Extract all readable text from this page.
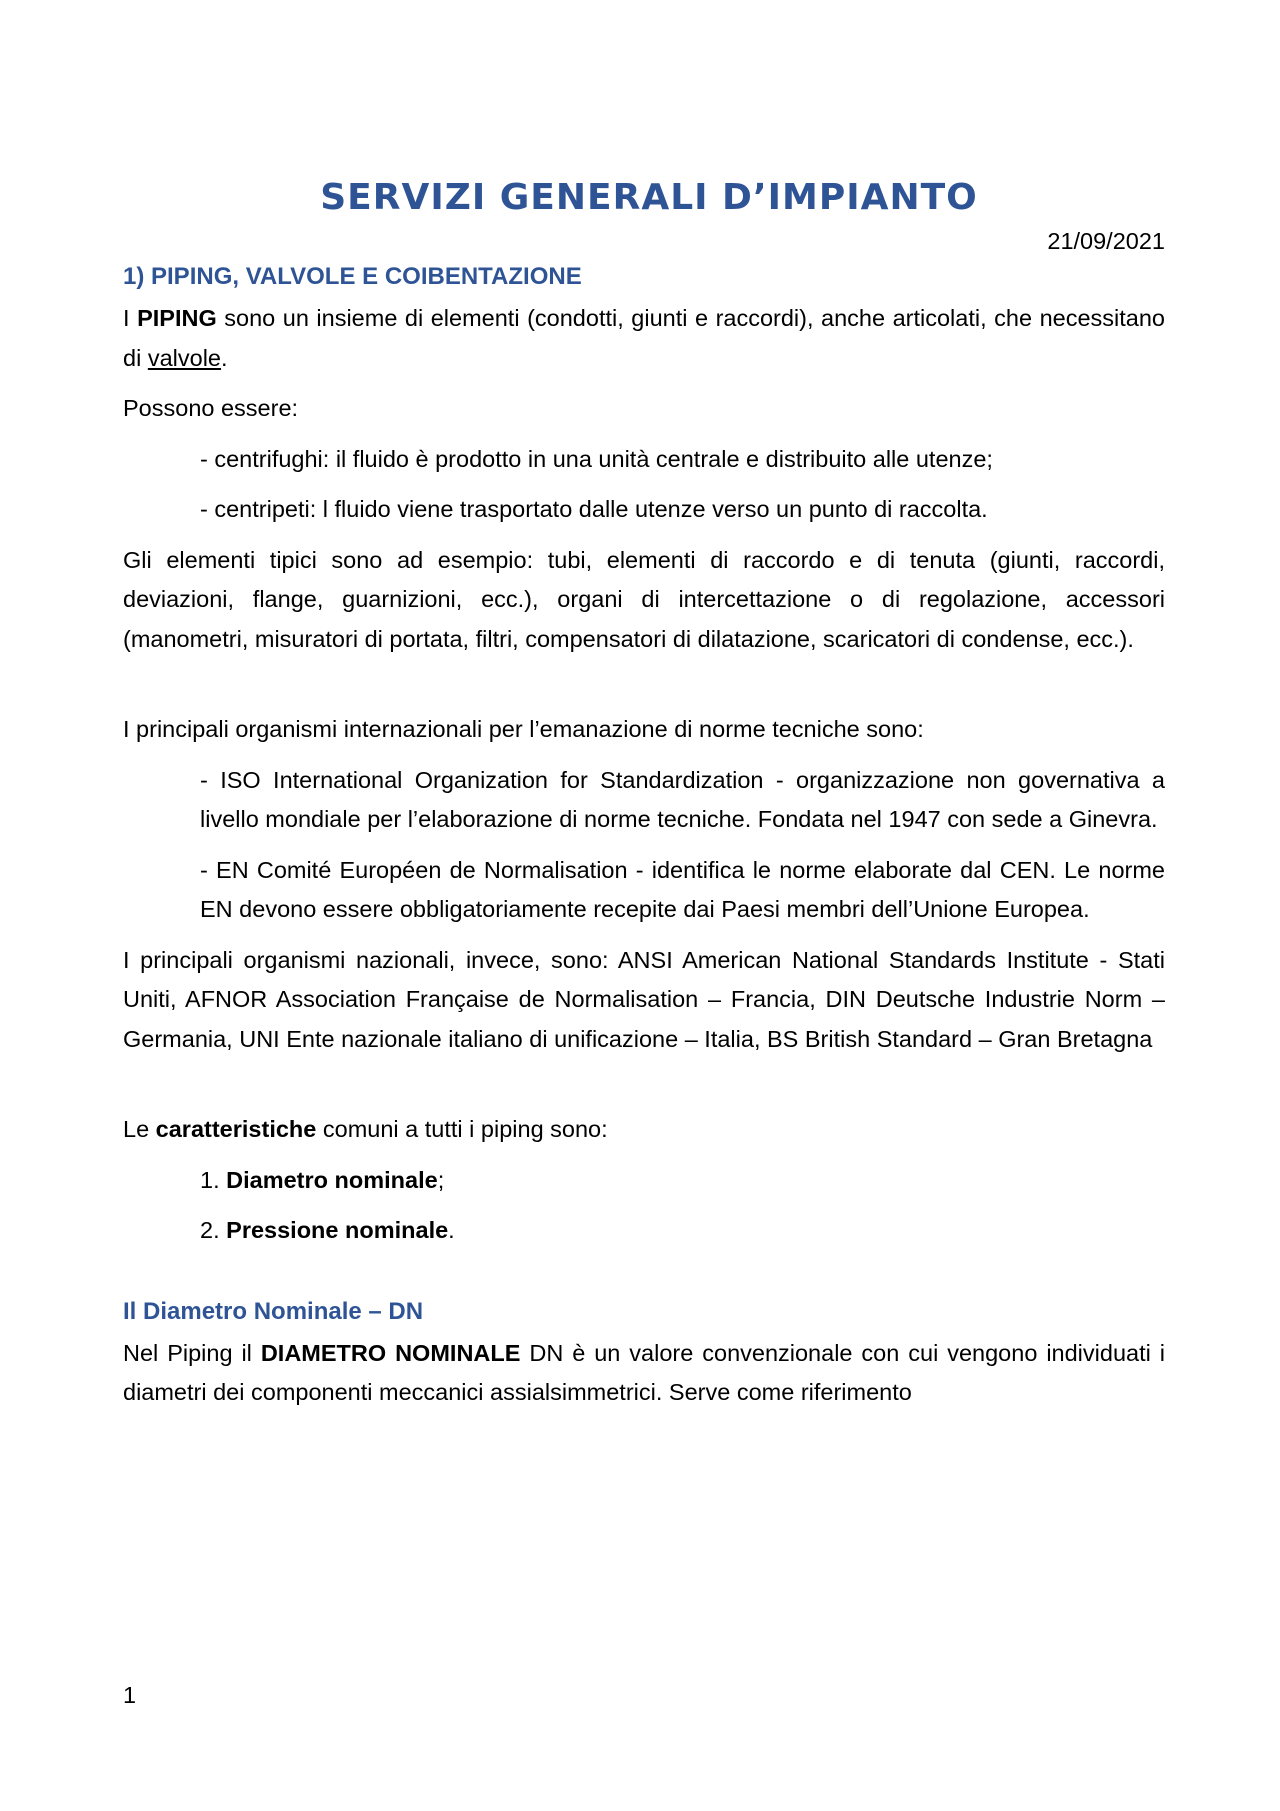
SERVIZI GENERALI D’IMPIANTO
21/09/2021
1) PIPING, VALVOLE E COIBENTAZIONE
I PIPING sono un insieme di elementi (condotti, giunti e raccordi), anche articolati, che necessitano di valvole.
Possono essere:
- centrifughi: il fluido è prodotto in una unità centrale e distribuito alle utenze;
- centripeti: l fluido viene trasportato dalle utenze verso un punto di raccolta.
Gli elementi tipici sono ad esempio: tubi, elementi di raccordo e di tenuta (giunti, raccordi, deviazioni, flange, guarnizioni, ecc.), organi di intercettazione o di regolazione, accessori (manometri, misuratori di portata, filtri, compensatori di dilatazione, scaricatori di condense, ecc.).
I principali organismi internazionali per l’emanazione di norme tecniche sono:
- ISO International Organization for Standardization - organizzazione non governativa a livello mondiale per l’elaborazione di norme tecniche. Fondata nel 1947 con sede a Ginevra.
- EN Comité Européen de Normalisation - identifica le norme elaborate dal CEN. Le norme EN devono essere obbligatoriamente recepite dai Paesi membri dell’Unione Europea.
I principali organismi nazionali, invece, sono: ANSI American National Standards Institute - Stati Uniti, AFNOR Association Française de Normalisation – Francia, DIN Deutsche Industrie Norm – Germania, UNI Ente nazionale italiano di unificazione – Italia, BS British Standard – Gran Bretagna
Le caratteristiche comuni a tutti i piping sono:
1. Diametro nominale;
2. Pressione nominale.
Il Diametro Nominale – DN
Nel Piping il DIAMETRO NOMINALE DN è un valore convenzionale con cui vengono individuati i diametri dei componenti meccanici assialsimmetrici. Serve come riferimento
1
